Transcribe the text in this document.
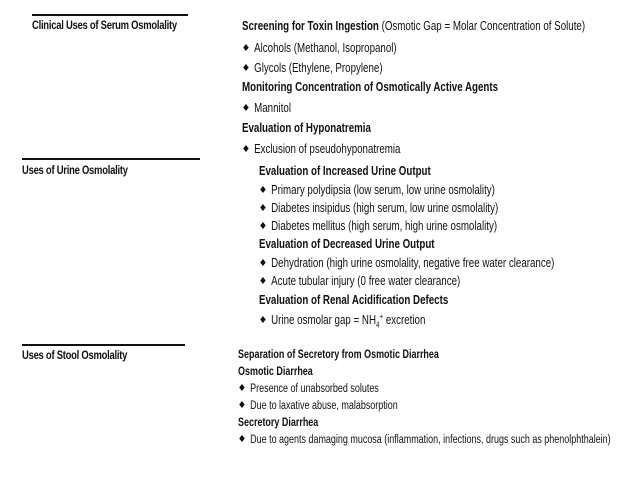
Clinical Uses of Serum Osmolality
Uses of Urine Osmolality
Uses of Stool Osmolality
Screening for Toxin Ingestion (Osmotic Gap = Molar Concentration of Solute)
Alcohols (Methanol, Isopropanol)
Glycols (Ethylene, Propylene)
Monitoring Concentration of Osmotically Active Agents
Mannitol
Evaluation of Hyponatremia
Exclusion of pseudohyponatremia
Evaluation of Increased Urine Output
Primary polydipsia (low serum, low urine osmolality)
Diabetes insipidus (high serum, low urine osmolality)
Diabetes mellitus (high serum, high urine osmolality)
Evaluation of Decreased Urine Output
Dehydration (high urine osmolality, negative free water clearance)
Acute tubular injury (0 free water clearance)
Evaluation of Renal Acidification Defects
Urine osmolar gap = $NH_4^+$ excretion
Separation of Secretory from Osmotic Diarrhea
Osmotic Diarrhea
Presence of unabsorbed solutes
Due to laxative abuse, malabsorption
Secretory Diarrhea
Due to agents damaging mucosa (inflammation, infections, drugs such as phenolphthalein)
